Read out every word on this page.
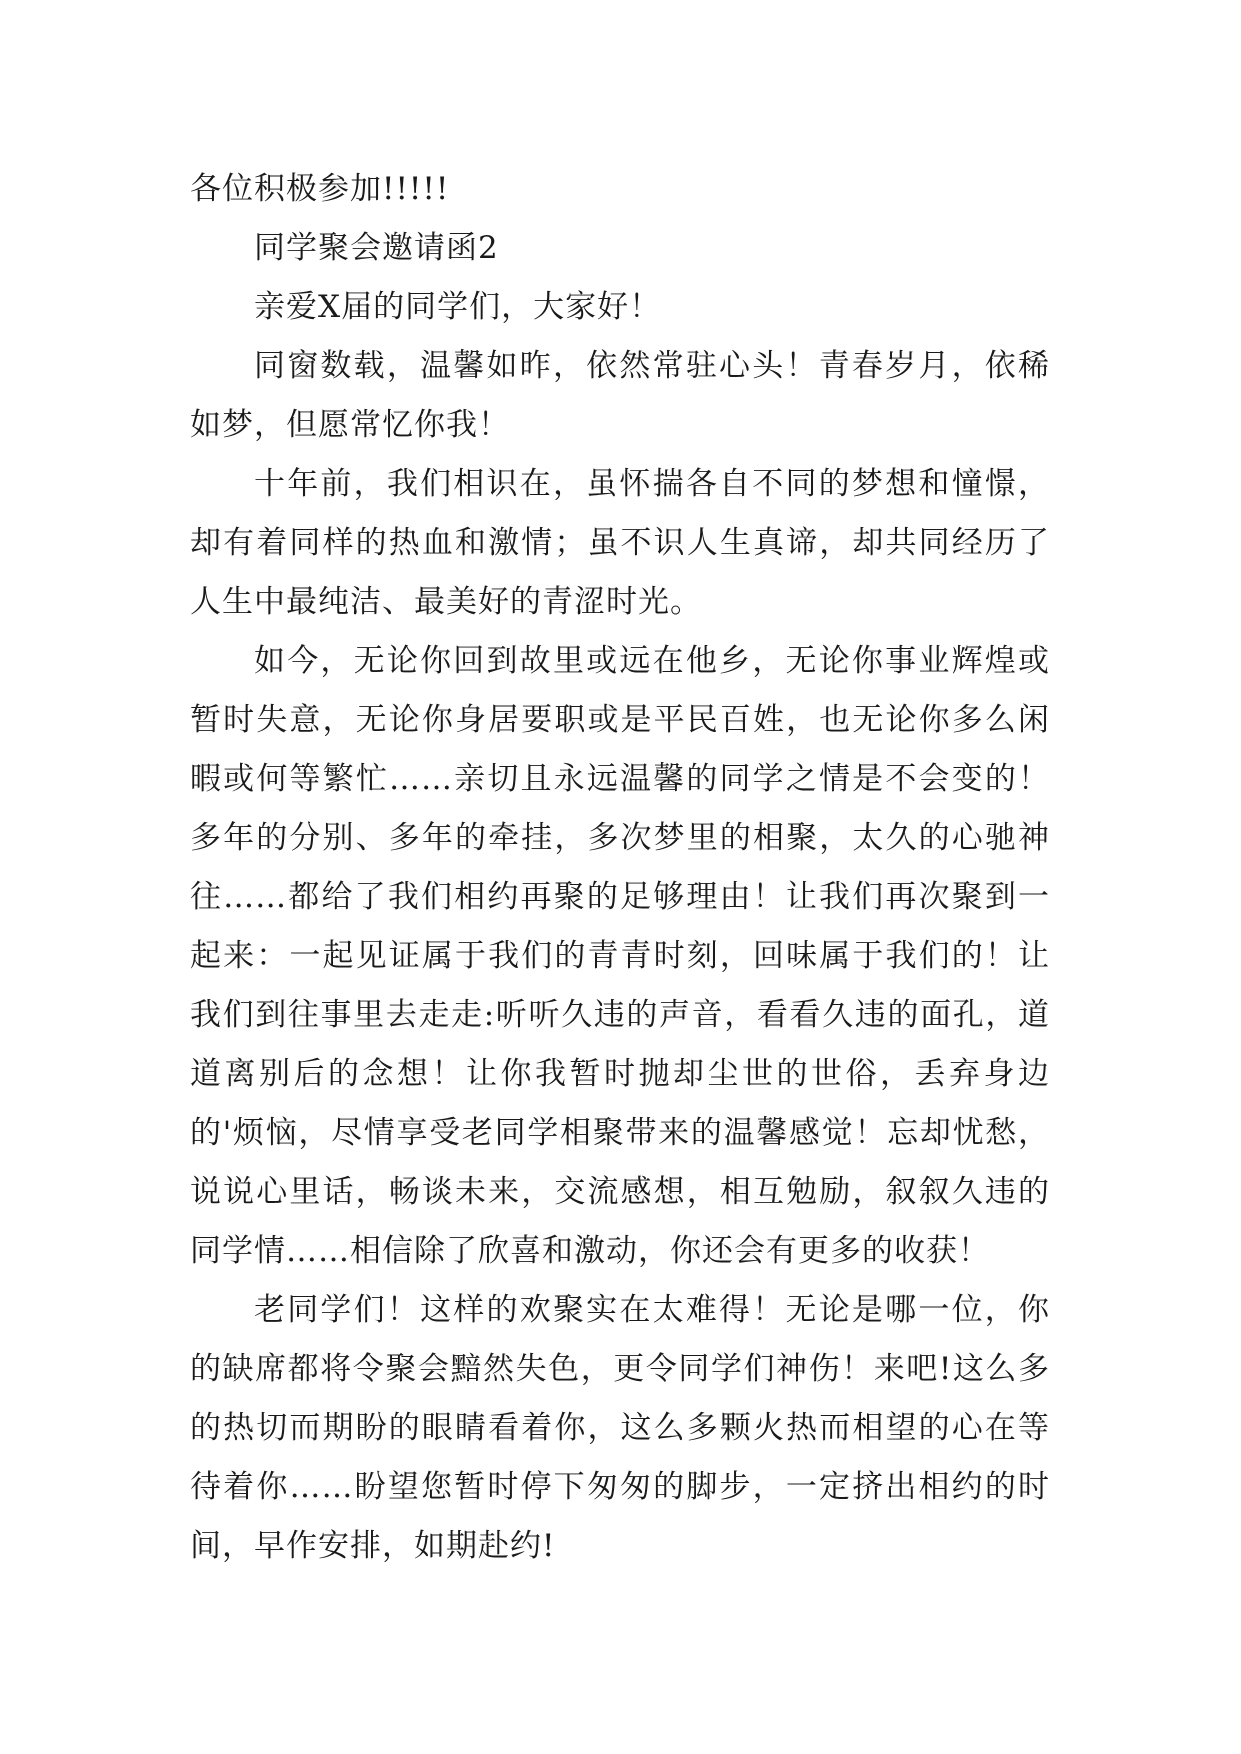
各位积极参加!!!!!

同学聚会邀请函2

亲爱X届的同学们，大家好！

同窗数载，温馨如昨，依然常驻心头！青春岁月，依稀如梦，但愿常忆你我！

十年前，我们相识在，虽怀揣各自不同的梦想和憧憬，却有着同样的热血和激情；虽不识人生真谛，却共同经历了人生中最纯洁、最美好的青涩时光。

如今，无论你回到故里或远在他乡，无论你事业辉煌或暂时失意，无论你身居要职或是平民百姓，也无论你多么闲暇或何等繁忙……亲切且永远温馨的同学之情是不会变的！多年的分别、多年的牵挂，多次梦里的相聚，太久的心驰神往……都给了我们相约再聚的足够理由！让我们再次聚到一起来：一起见证属于我们的青青时刻，回味属于我们的！让我们到往事里去走走:听听久违的声音，看看久违的面孔，道道离别后的念想！让你我暂时抛却尘世的世俗，丢弃身边的'烦恼，尽情享受老同学相聚带来的温馨感觉！忘却忧愁，说说心里话，畅谈未来，交流感想，相互勉励，叙叙久违的同学情……相信除了欣喜和激动，你还会有更多的收获！

老同学们！这样的欢聚实在太难得！无论是哪一位，你的缺席都将令聚会黯然失色，更令同学们神伤！来吧!这么多的热切而期盼的眼睛看着你，这么多颗火热而相望的心在等待着你……盼望您暂时停下匆匆的脚步，一定挤出相约的时间，早作安排，如期赴约!
